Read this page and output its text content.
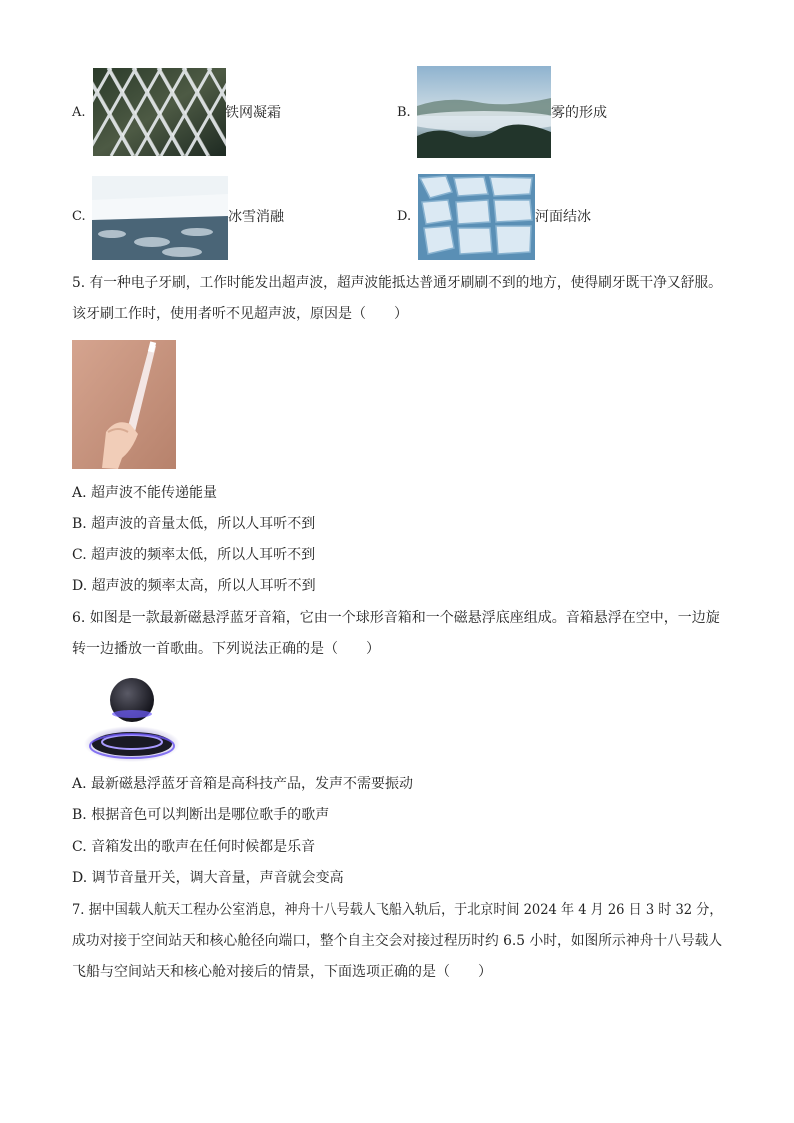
A.	铁网凝霜	B.	雾的形成
C.	冰雪消融	D.	河面结冰
5. 有一种电子牙刷，工作时能发出超声波，超声波能抵达普通牙刷刷不到的地方，使得刷牙既干净又舒服。
该牙刷工作时，使用者听不见超声波，原因是（　　）
A. 超声波不能传递能量
B. 超声波的音量太低，所以人耳听不到
C. 超声波的频率太低，所以人耳听不到
D. 超声波的频率太高，所以人耳听不到
6. 如图是一款最新磁悬浮蓝牙音箱，它由一个球形音箱和一个磁悬浮底座组成。音箱悬浮在空中，一边旋
转一边播放一首歌曲。下列说法正确的是（　　）
A. 最新磁悬浮蓝牙音箱是高科技产品，发声不需要振动
B. 根据音色可以判断出是哪位歌手的歌声
C. 音箱发出的歌声在任何时候都是乐音
D. 调节音量开关，调大音量，声音就会变高
7. 据中国载人航天工程办公室消息，神舟十八号载人飞船入轨后，于北京时间 2024 年 4 月 26 日 3 时 32 分，
成功对接于空间站天和核心舱径向端口，整个自主交会对接过程历时约 6.5 小时，如图所示神舟十八号载人
飞船与空间站天和核心舱对接后的情景，下面选项正确的是（　　）
